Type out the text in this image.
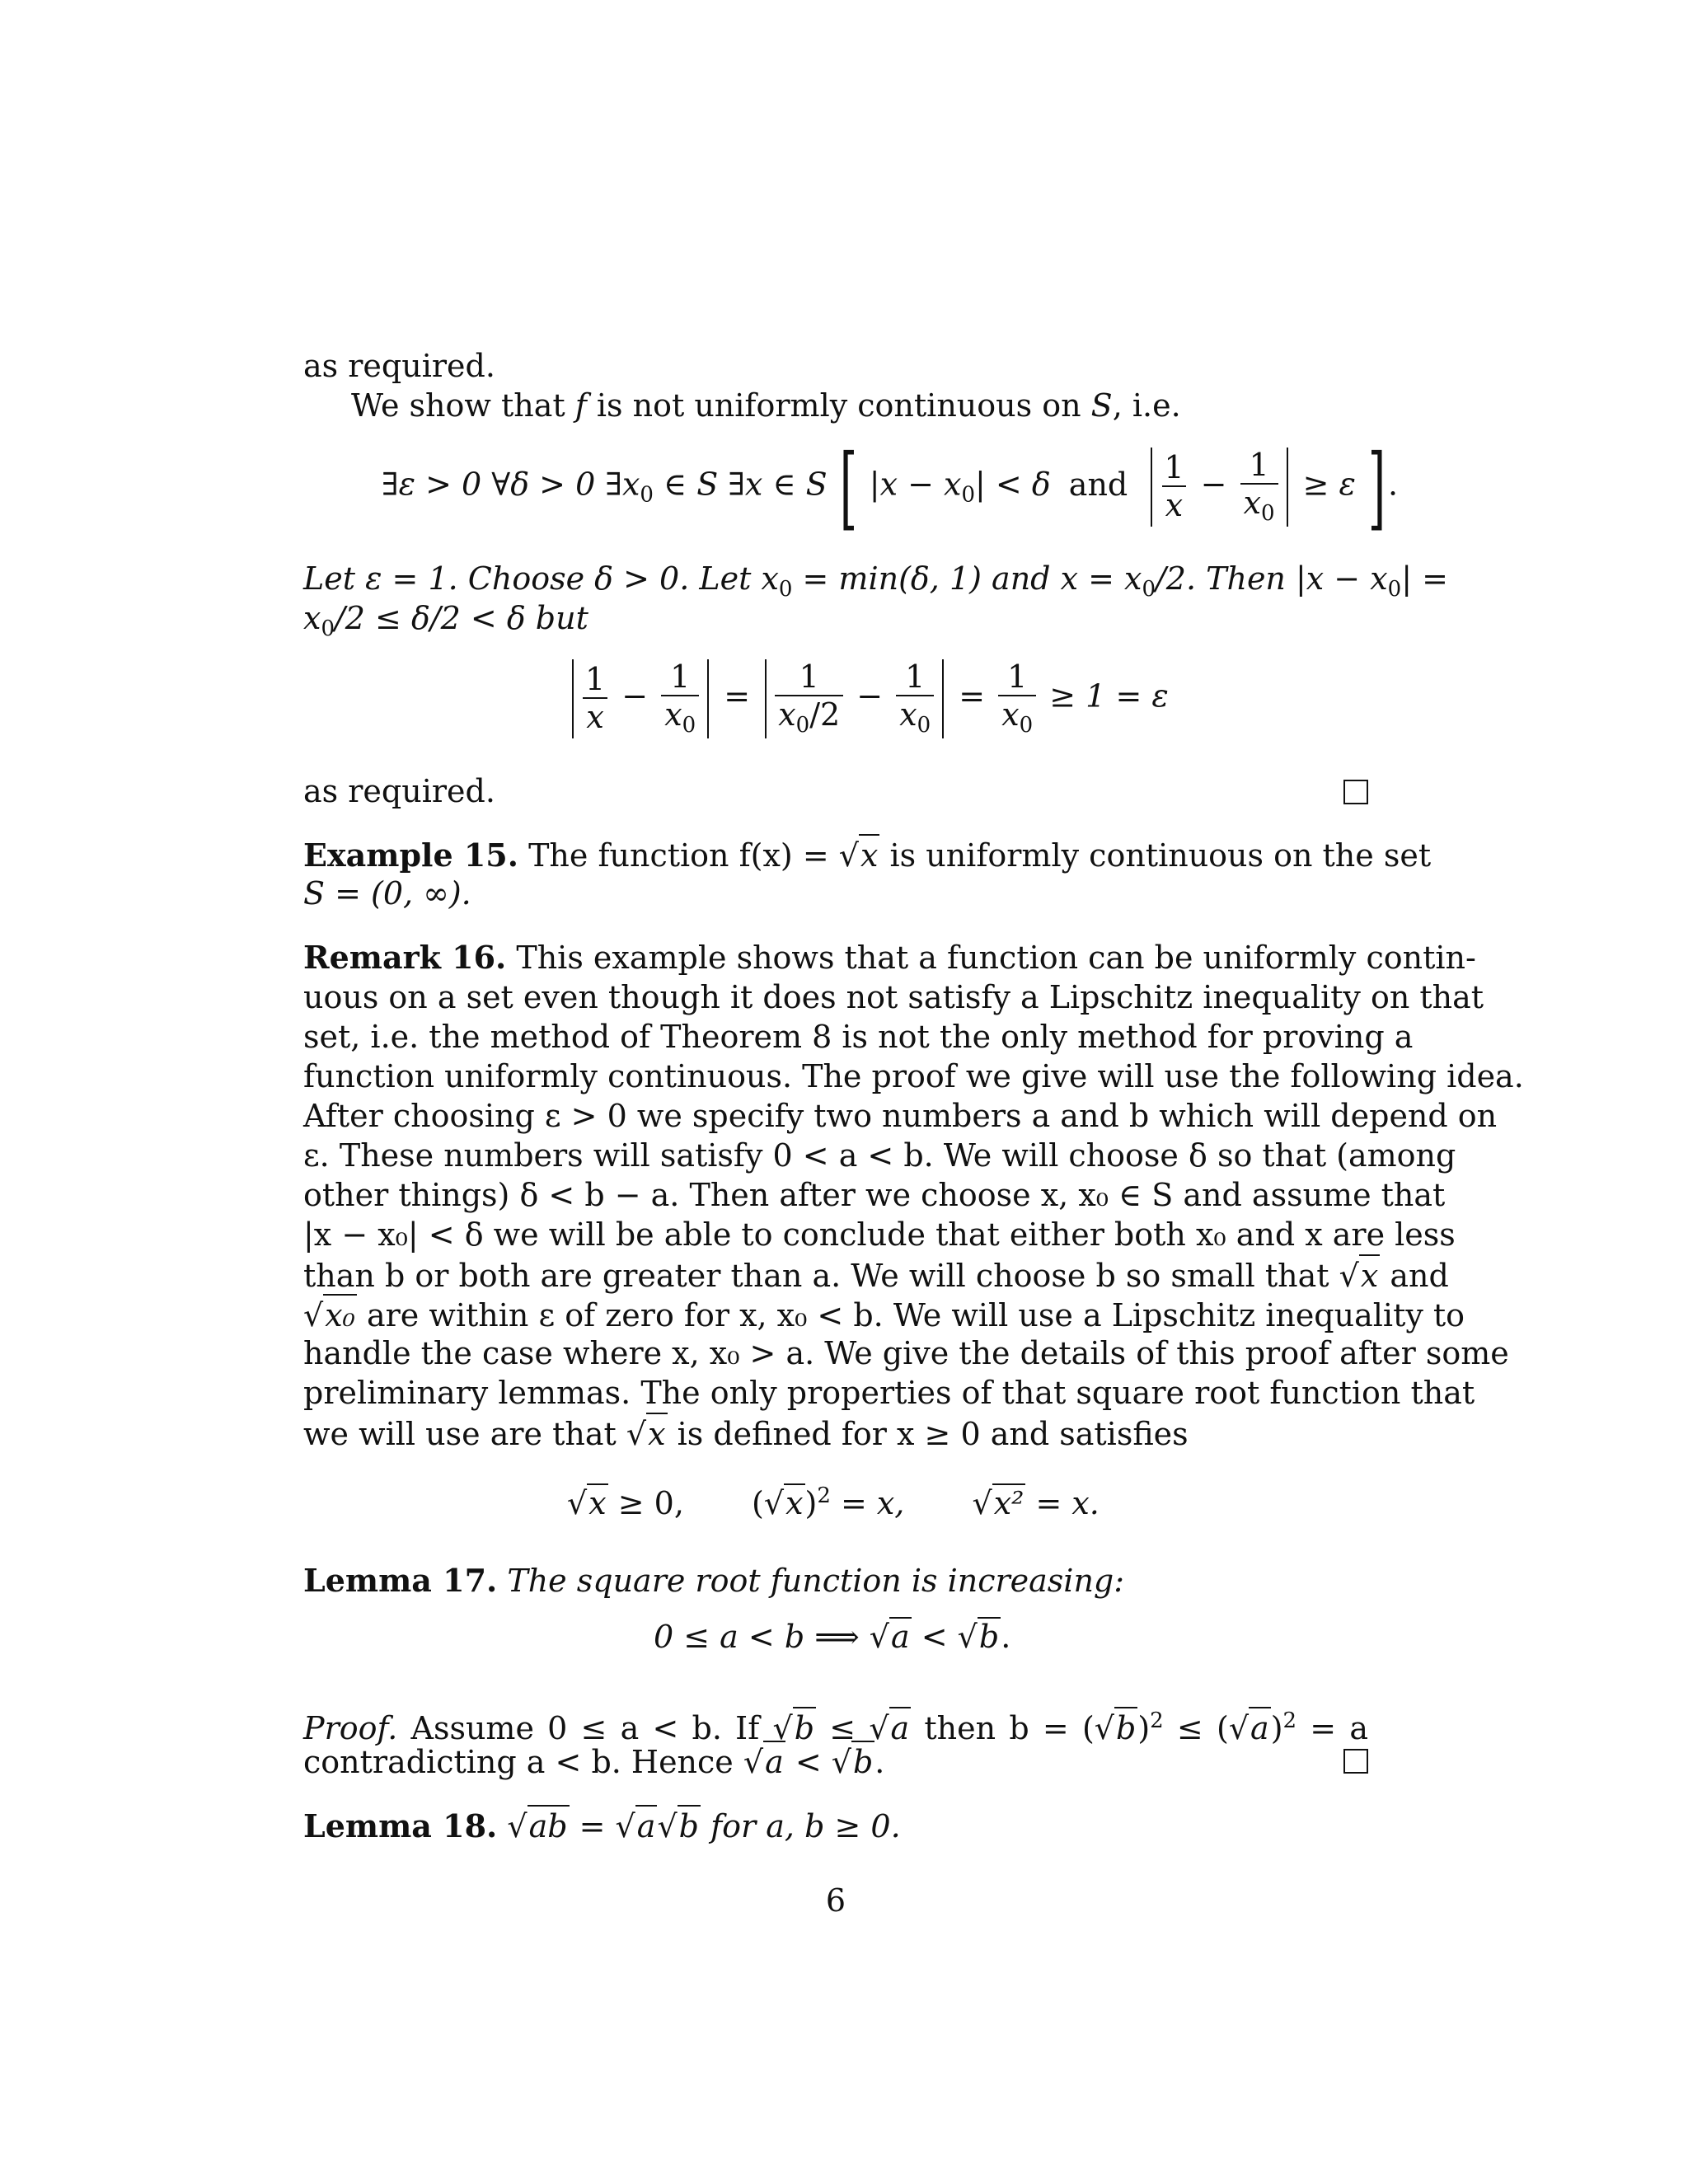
as required.
We show that f is not uniformly continuous on S, i.e.
∃ε > 0 ∀δ > 0 $\exists x_0$ ∈ S ∃x ∈ S [ $|x - x_0| < \delta$ and $\frac{1}{x} - \frac{1}{x_0} \ge \varepsilon$ ].
Let ε = 1. Choose δ > 0. Let $x_0 = \min(\delta$, 1) and $x = x_0/2$. Then $|x - x_0|$ =
$x_0/2 \le \delta/2 < \delta$ but
$\frac{1}{x} - \frac{1}{x_0} = \frac{1}{x_0/2} - \frac{1}{x_0} = \frac{1}{x_0} \ge 1 = \varepsilon$
as required.
Example 15. The function f(x) = √x is uniformly continuous on the set
S = (0, ∞).
Remark 16. This example shows that a function can be uniformly contin-
uous on a set even though it does not satisfy a Lipschitz inequality on that
set, i.e. the method of Theorem 8 is not the only method for proving a
function uniformly continuous. The proof we give will use the following idea.
After choosing ε > 0 we specify two numbers a and b which will depend on
ε. These numbers will satisfy 0 < a < b. We will choose δ so that (among
other things) δ < b − a. Then after we choose x, x₀ ∈ S and assume that
|x − x₀| < δ we will be able to conclude that either both x₀ and x are less
than b or both are greater than a. We will choose b so small that √x and
√x₀ are within ε of zero for x, x₀ < b. We will use a Lipschitz inequality to
handle the case where x, x₀ > a. We give the details of this proof after some
preliminary lemmas. The only properties of that square root function that
we will use are that √x is defined for x ≥ 0 and satisfies
√x ≥ 0, $(√x)^2 = x$, √x² = x.
Lemma 17. The square root function is increasing:
0 ≤ a < b ⟹ √a < √b.
Proof. Assume 0 ≤ a < b. If √b ≤ √a then $b = (√b)^2 \le (√a)^2 = a$
contradicting a < b. Hence √a < √b.
Lemma 18. √ab = √a√b for a, b ≥ 0.
6
